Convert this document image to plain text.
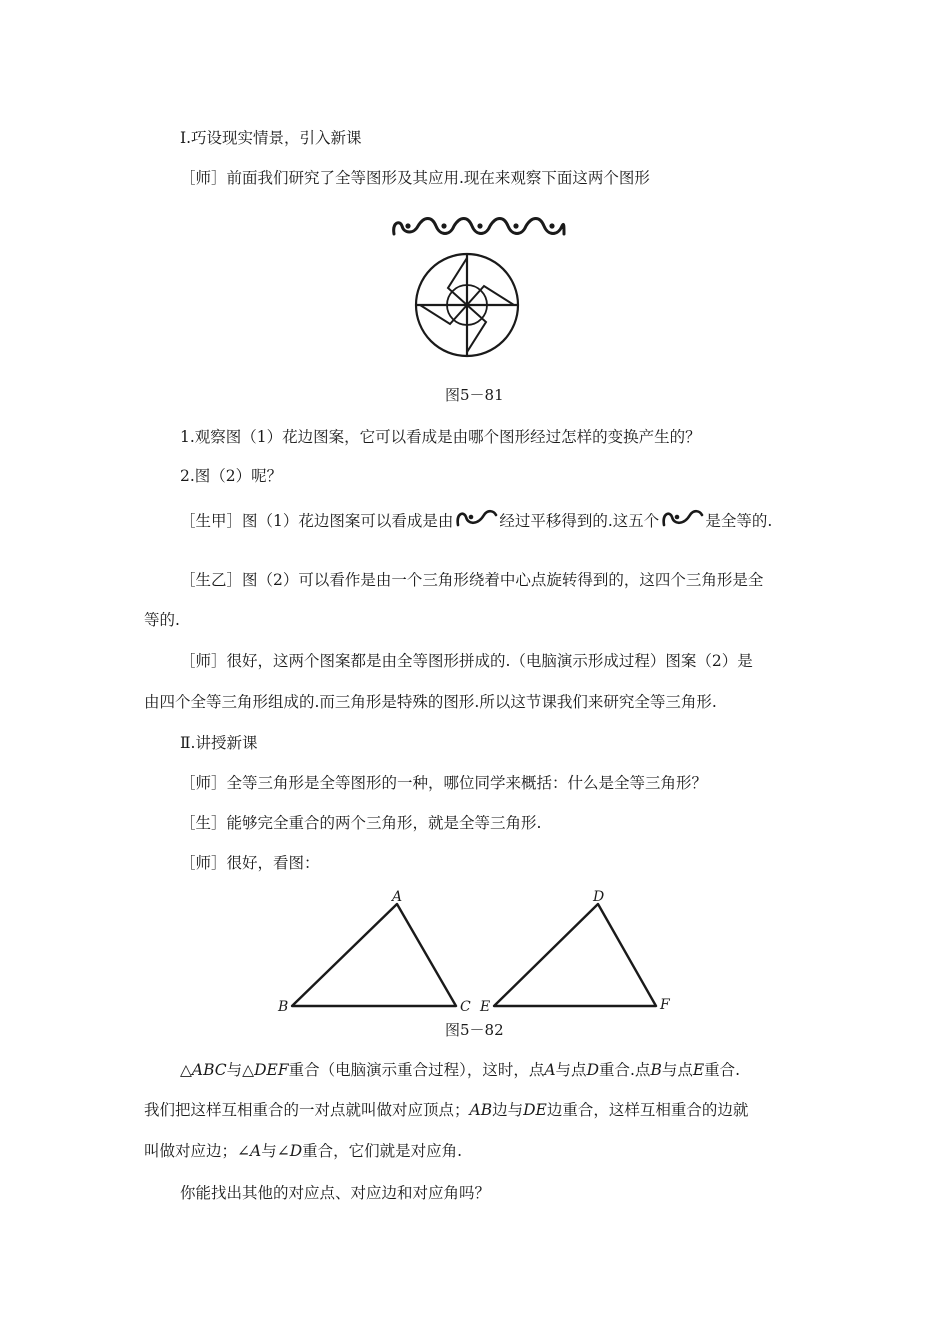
Ⅰ.巧设现实情景，引入新课
［师］前面我们研究了全等图形及其应用.现在来观察下面这两个图形
图5－81
1.观察图（1）花边图案，它可以看成是由哪个图形经过怎样的变换产生的？
2.图（2）呢？
［生甲］图（1）花边图案可以看成是由	经过平移得到的.这五个	是全等的.
［生乙］图（2）可以看作是由一个三角形绕着中心点旋转得到的，这四个三角形是全
等的.
［师］很好，这两个图案都是由全等图形拼成的.（电脑演示形成过程）图案（2）是
由四个全等三角形组成的.而三角形是特殊的图形.所以这节课我们来研究全等三角形.
Ⅱ.讲授新课
［师］全等三角形是全等图形的一种，哪位同学来概括：什么是全等三角形？
［生］能够完全重合的两个三角形，就是全等三角形.
［师］很好，看图：
A
B	C
D
E	F
图5－82
△ABC与△DEF重合（电脑演示重合过程），这时，点A与点D重合.点B与点E重合.
我们把这样互相重合的一对点就叫做对应顶点；AB边与DE边重合，这样互相重合的边就
叫做对应边；∠A与∠D重合，它们就是对应角.
你能找出其他的对应点、对应边和对应角吗？
